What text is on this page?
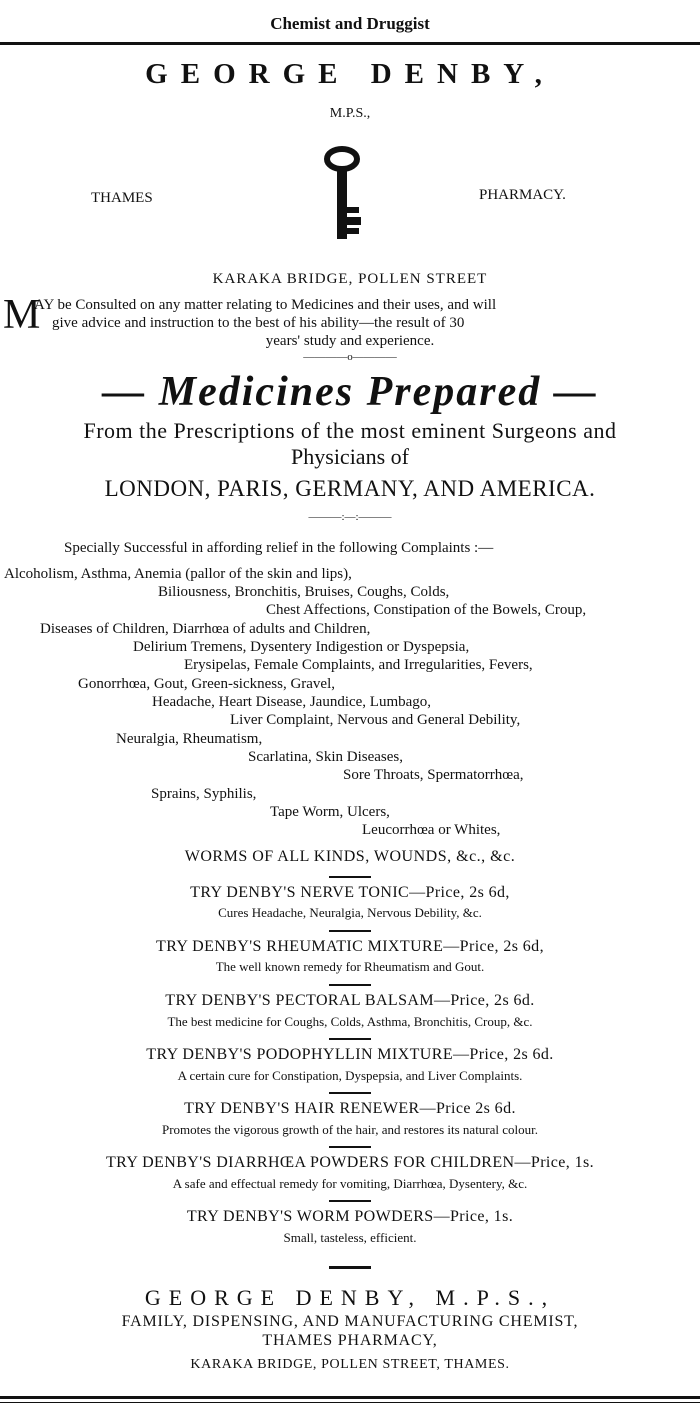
Chemist and Druggist
GEORGE DENBY,
M.P.S.,
THAMES	PHARMACY.
KARAKA BRIDGE, POLLEN STREET
M
AY be Consulted on any matter relating to Medicines and their uses, and will
give advice and instruction to the best of his ability—the result of 30
years' study and experience.
————o————
— Medicines Prepared —
From the Prescriptions of the most eminent Surgeons and
Physicians of
LONDON, PARIS, GERMANY, AND AMERICA.
———:—:———
Specially Successful in affording relief in the following Complaints :—
Alcoholism, Asthma, Anemia (pallor of the skin and lips),
Biliousness, Bronchitis, Bruises, Coughs, Colds,
Chest Affections, Constipation of the Bowels, Croup,
Diseases of Children, Diarrhœa of adults and Children,
Delirium Tremens, Dysentery Indigestion or Dyspepsia,
Erysipelas, Female Complaints, and Irregularities, Fevers,
Gonorrhœa, Gout, Green-sickness, Gravel,
Headache, Heart Disease, Jaundice, Lumbago,
Liver Complaint, Nervous and General Debility,
Neuralgia, Rheumatism,
Scarlatina, Skin Diseases,
Sore Throats, Spermatorrhœa,
Sprains, Syphilis,
Tape Worm, Ulcers,
Leucorrhœa or Whites,
WORMS OF ALL KINDS, WOUNDS, &c., &c.
TRY DENBY'S NERVE TONIC—Price, 2s 6d,
Cures Headache, Neuralgia, Nervous Debility, &c.
TRY DENBY'S RHEUMATIC MIXTURE—Price, 2s 6d,
The well known remedy for Rheumatism and Gout.
TRY DENBY'S PECTORAL BALSAM—Price, 2s 6d.
The best medicine for Coughs, Colds, Asthma, Bronchitis, Croup, &c.
TRY DENBY'S PODOPHYLLIN MIXTURE—Price, 2s 6d.
A certain cure for Constipation, Dyspepsia, and Liver Complaints.
TRY DENBY'S HAIR RENEWER—Price 2s 6d.
Promotes the vigorous growth of the hair, and restores its natural colour.
TRY DENBY'S DIARRHŒA POWDERS FOR CHILDREN—Price, 1s.
A safe and effectual remedy for vomiting, Diarrhœa, Dysentery, &c.
TRY DENBY'S WORM POWDERS—Price, 1s.
Small, tasteless, efficient.
GEORGE DENBY, M.P.S.,
FAMILY, DISPENSING, AND MANUFACTURING CHEMIST,
THAMES PHARMACY,
KARAKA BRIDGE, POLLEN STREET, THAMES.
